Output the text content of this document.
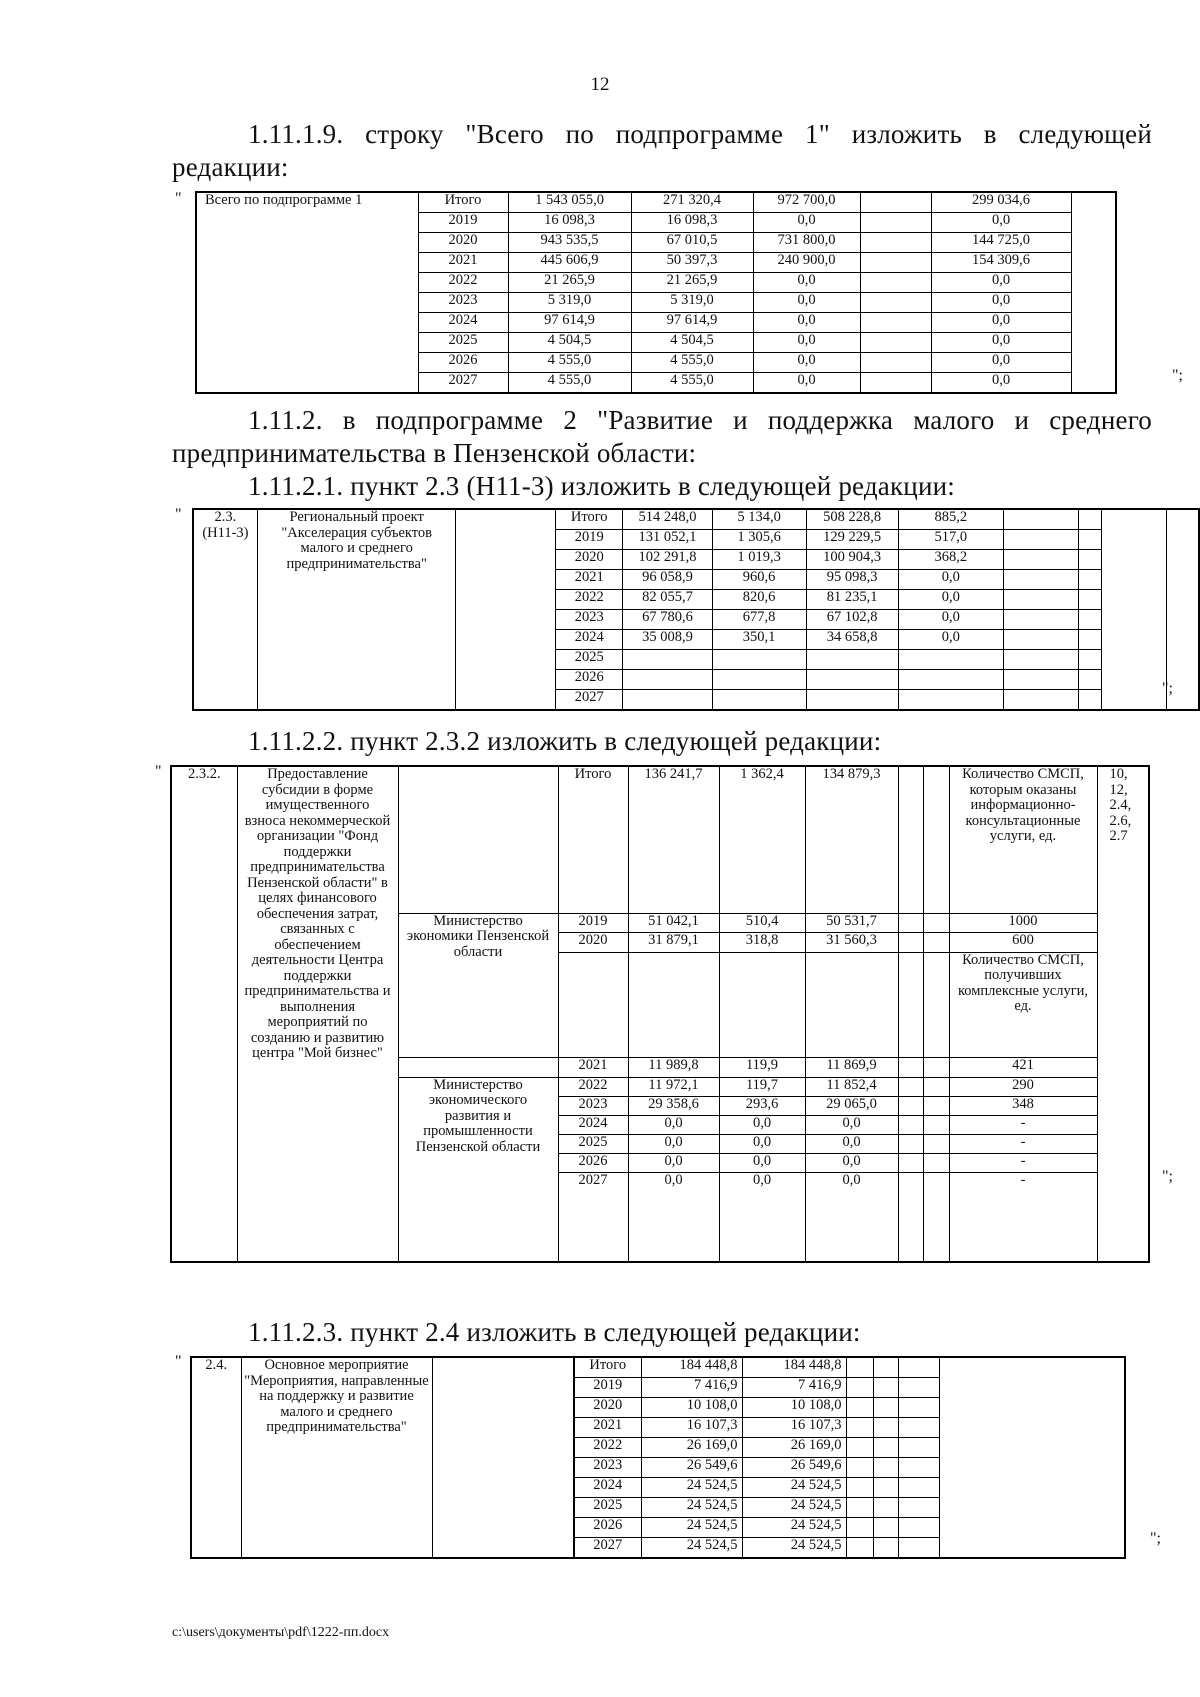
12
1.11.1.9. строку "Всего по подпрограмме 1" изложить в следующей
редакции:
"
";
Всего по подпрограмме 1	Итого	1 543 055,0	271 320,4	972 700,0		299 034,6	
	2019	16 098,3	16 098,3	0,0		0,0	
	2020	943 535,5	67 010,5	731 800,0		144 725,0	
	2021	445 606,9	50 397,3	240 900,0		154 309,6	
	2022	21 265,9	21 265,9	0,0		0,0	
	2023	5 319,0	5 319,0	0,0		0,0	
	2024	97 614,9	97 614,9	0,0		0,0	
	2025	4 504,5	4 504,5	0,0		0,0	
	2026	4 555,0	4 555,0	0,0		0,0	
	2027	4 555,0	4 555,0	0,0		0,0	
1.11.2. в подпрограмме 2 "Развитие и поддержка малого и среднего
предпринимательства в Пензенской области:
1.11.2.1. пункт 2.3 (Н11-3) изложить в следующей редакции:
"
";
2.3. (Н11-3)	Региональный проект "Акселерация субъектов малого и среднего предпринимательства"		Итого	514 248,0	5 134,0	508 228,8	885,2				
			2019	131 052,1	1 305,6	129 229,5	517,0				
			2020	102 291,8	1 019,3	100 904,3	368,2				
			2021	96 058,9	960,6	95 098,3	0,0				
			2022	82 055,7	820,6	81 235,1	0,0				
			2023	67 780,6	677,8	67 102,8	0,0				
			2024	35 008,9	350,1	34 658,8	0,0				
			2025								
			2026								
			2027								
1.11.2.2. пункт 2.3.2 изложить в следующей редакции:
"
";
2.3.2.	Предоставление субсидии в форме имущественного взноса некоммерческой организации "Фонд поддержки предпринимательства Пензенской области" в целях финансового обеспечения затрат, связанных с обеспечением деятельности Центра поддержки предпринимательства и выполнения мероприятий по созданию и развитию центра "Мой бизнес"		Итого	136 241,7	1 362,4	134 879,3			Количество СМСП, которым оказаны информационно-консультационные услуги, ед.	10, 12, 2.4, 2.6, 2.7
		Министерство экономики Пензенской области	2019	51 042,1	510,4	50 531,7			1000	
			2020	31 879,1	318,8	31 560,3			600	
									Количество СМСП, получивших комплексные услуги, ед.	
			2021	11 989,8	119,9	11 869,9			421	
		Министерство экономического развития и промышленности Пензенской области	2022	11 972,1	119,7	11 852,4			290	
			2023	29 358,6	293,6	29 065,0			348	
			2024	0,0	0,0	0,0			-	
			2025	0,0	0,0	0,0			-	
			2026	0,0	0,0	0,0			-	
			2027	0,0	0,0	0,0			-	
1.11.2.3. пункт 2.4 изложить в следующей редакции:
"
";
2.4.	Основное мероприятие "Мероприятия, направленные на поддержку и развитие малого и среднего предпринимательства"		Итого	184 448,8	184 448,8				
			2019	7 416,9	7 416,9				
			2020	10 108,0	10 108,0				
			2021	16 107,3	16 107,3				
			2022	26 169,0	26 169,0				
			2023	26 549,6	26 549,6				
			2024	24 524,5	24 524,5				
			2025	24 524,5	24 524,5				
			2026	24 524,5	24 524,5				
			2027	24 524,5	24 524,5				
c:\users\документы\pdf\1222-пп.docx
